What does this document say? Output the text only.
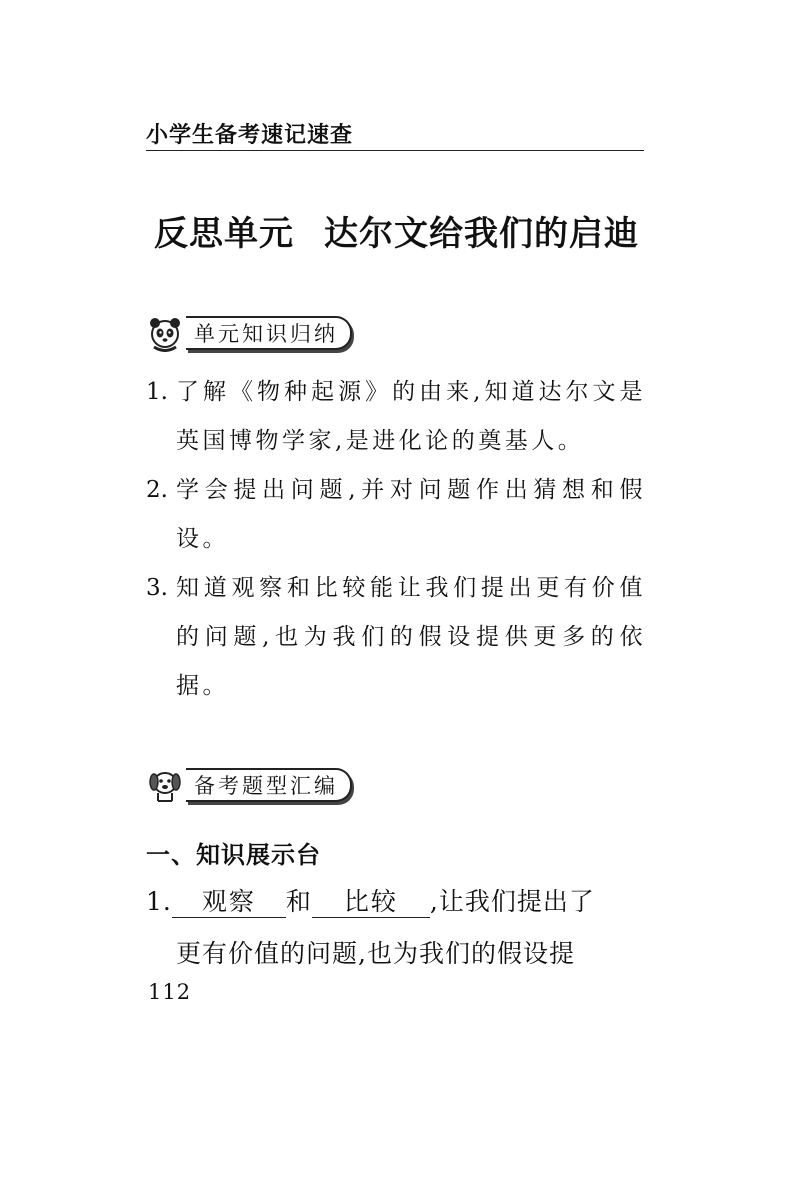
小学生备考速记速查
反思单元 达尔文给我们的启迪
单元知识归纳
1. 了解《物种起源》的由来,知道达尔文是英国博物学家,是进化论的奠基人。
2. 学会提出问题,并对问题作出猜想和假设。
3. 知道观察和比较能让我们提出更有价值的问题,也为我们的假设提供更多的依据。
备考题型汇编
一、知识展示台
1. 观察 和 比较 ,让我们提出了
更有价值的问题,也为我们的假设提
112
